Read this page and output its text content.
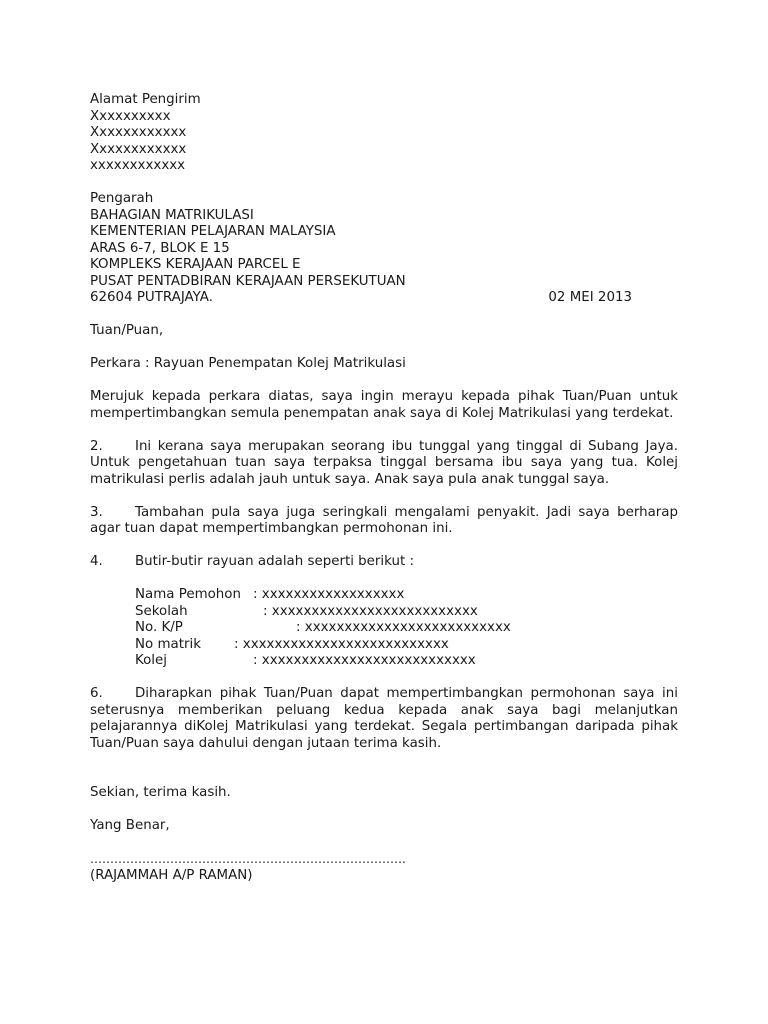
Alamat Pengirim
Xxxxxxxxxx
Xxxxxxxxxxxx
Xxxxxxxxxxxx
xxxxxxxxxxxx
Pengarah
BAHAGIAN MATRIKULASI
KEMENTERIAN PELAJARAN MALAYSIA
ARAS 6-7, BLOK E 15
KOMPLEKS KERAJAAN PARCEL E
PUSAT PENTADBIRAN KERAJAAN PERSEKUTUAN
62604 PUTRAJAYA.	02 MEI 2013
Tuan/Puan,
Perkara : Rayuan Penempatan Kolej Matrikulasi

Merujuk kepada perkara diatas, saya ingin merayu kepada pihak Tuan/Puan untuk mempertimbangkan semula penempatan anak saya di Kolej Matrikulasi yang terdekat.

2. Ini kerana saya merupakan seorang ibu tunggal yang tinggal di Subang Jaya. Untuk pengetahuan tuan saya terpaksa tinggal bersama ibu saya yang tua. Kolej matrikulasi perlis adalah jauh untuk saya. Anak saya pula anak tunggal saya.

3. Tambahan pula saya juga seringkali mengalami penyakit. Jadi saya berharap agar tuan dapat mempertimbangkan permohonan ini.

4. Butir-butir rayuan adalah seperti berikut :

Nama Pemohon : xxxxxxxxxxxxxxxxxx
Sekolah	: xxxxxxxxxxxxxxxxxxxxxxxxxx
No. K/P	: xxxxxxxxxxxxxxxxxxxxxxxxxx
No matrik	: xxxxxxxxxxxxxxxxxxxxxxxxxx
Kolej	: xxxxxxxxxxxxxxxxxxxxxxxxxxx

6. Diharapkan pihak Tuan/Puan dapat mempertimbangkan permohonan saya ini seterusnya memberikan peluang kedua kepada anak saya bagi melanjutkan pelajarannya diKolej Matrikulasi yang terdekat. Segala pertimbangan daripada pihak Tuan/Puan saya dahului dengan jutaan terima kasih.

Sekian, terima kasih.
Yang Benar,
…………………………………………………………………….
(RAJAMMAH A/P RAMAN)
